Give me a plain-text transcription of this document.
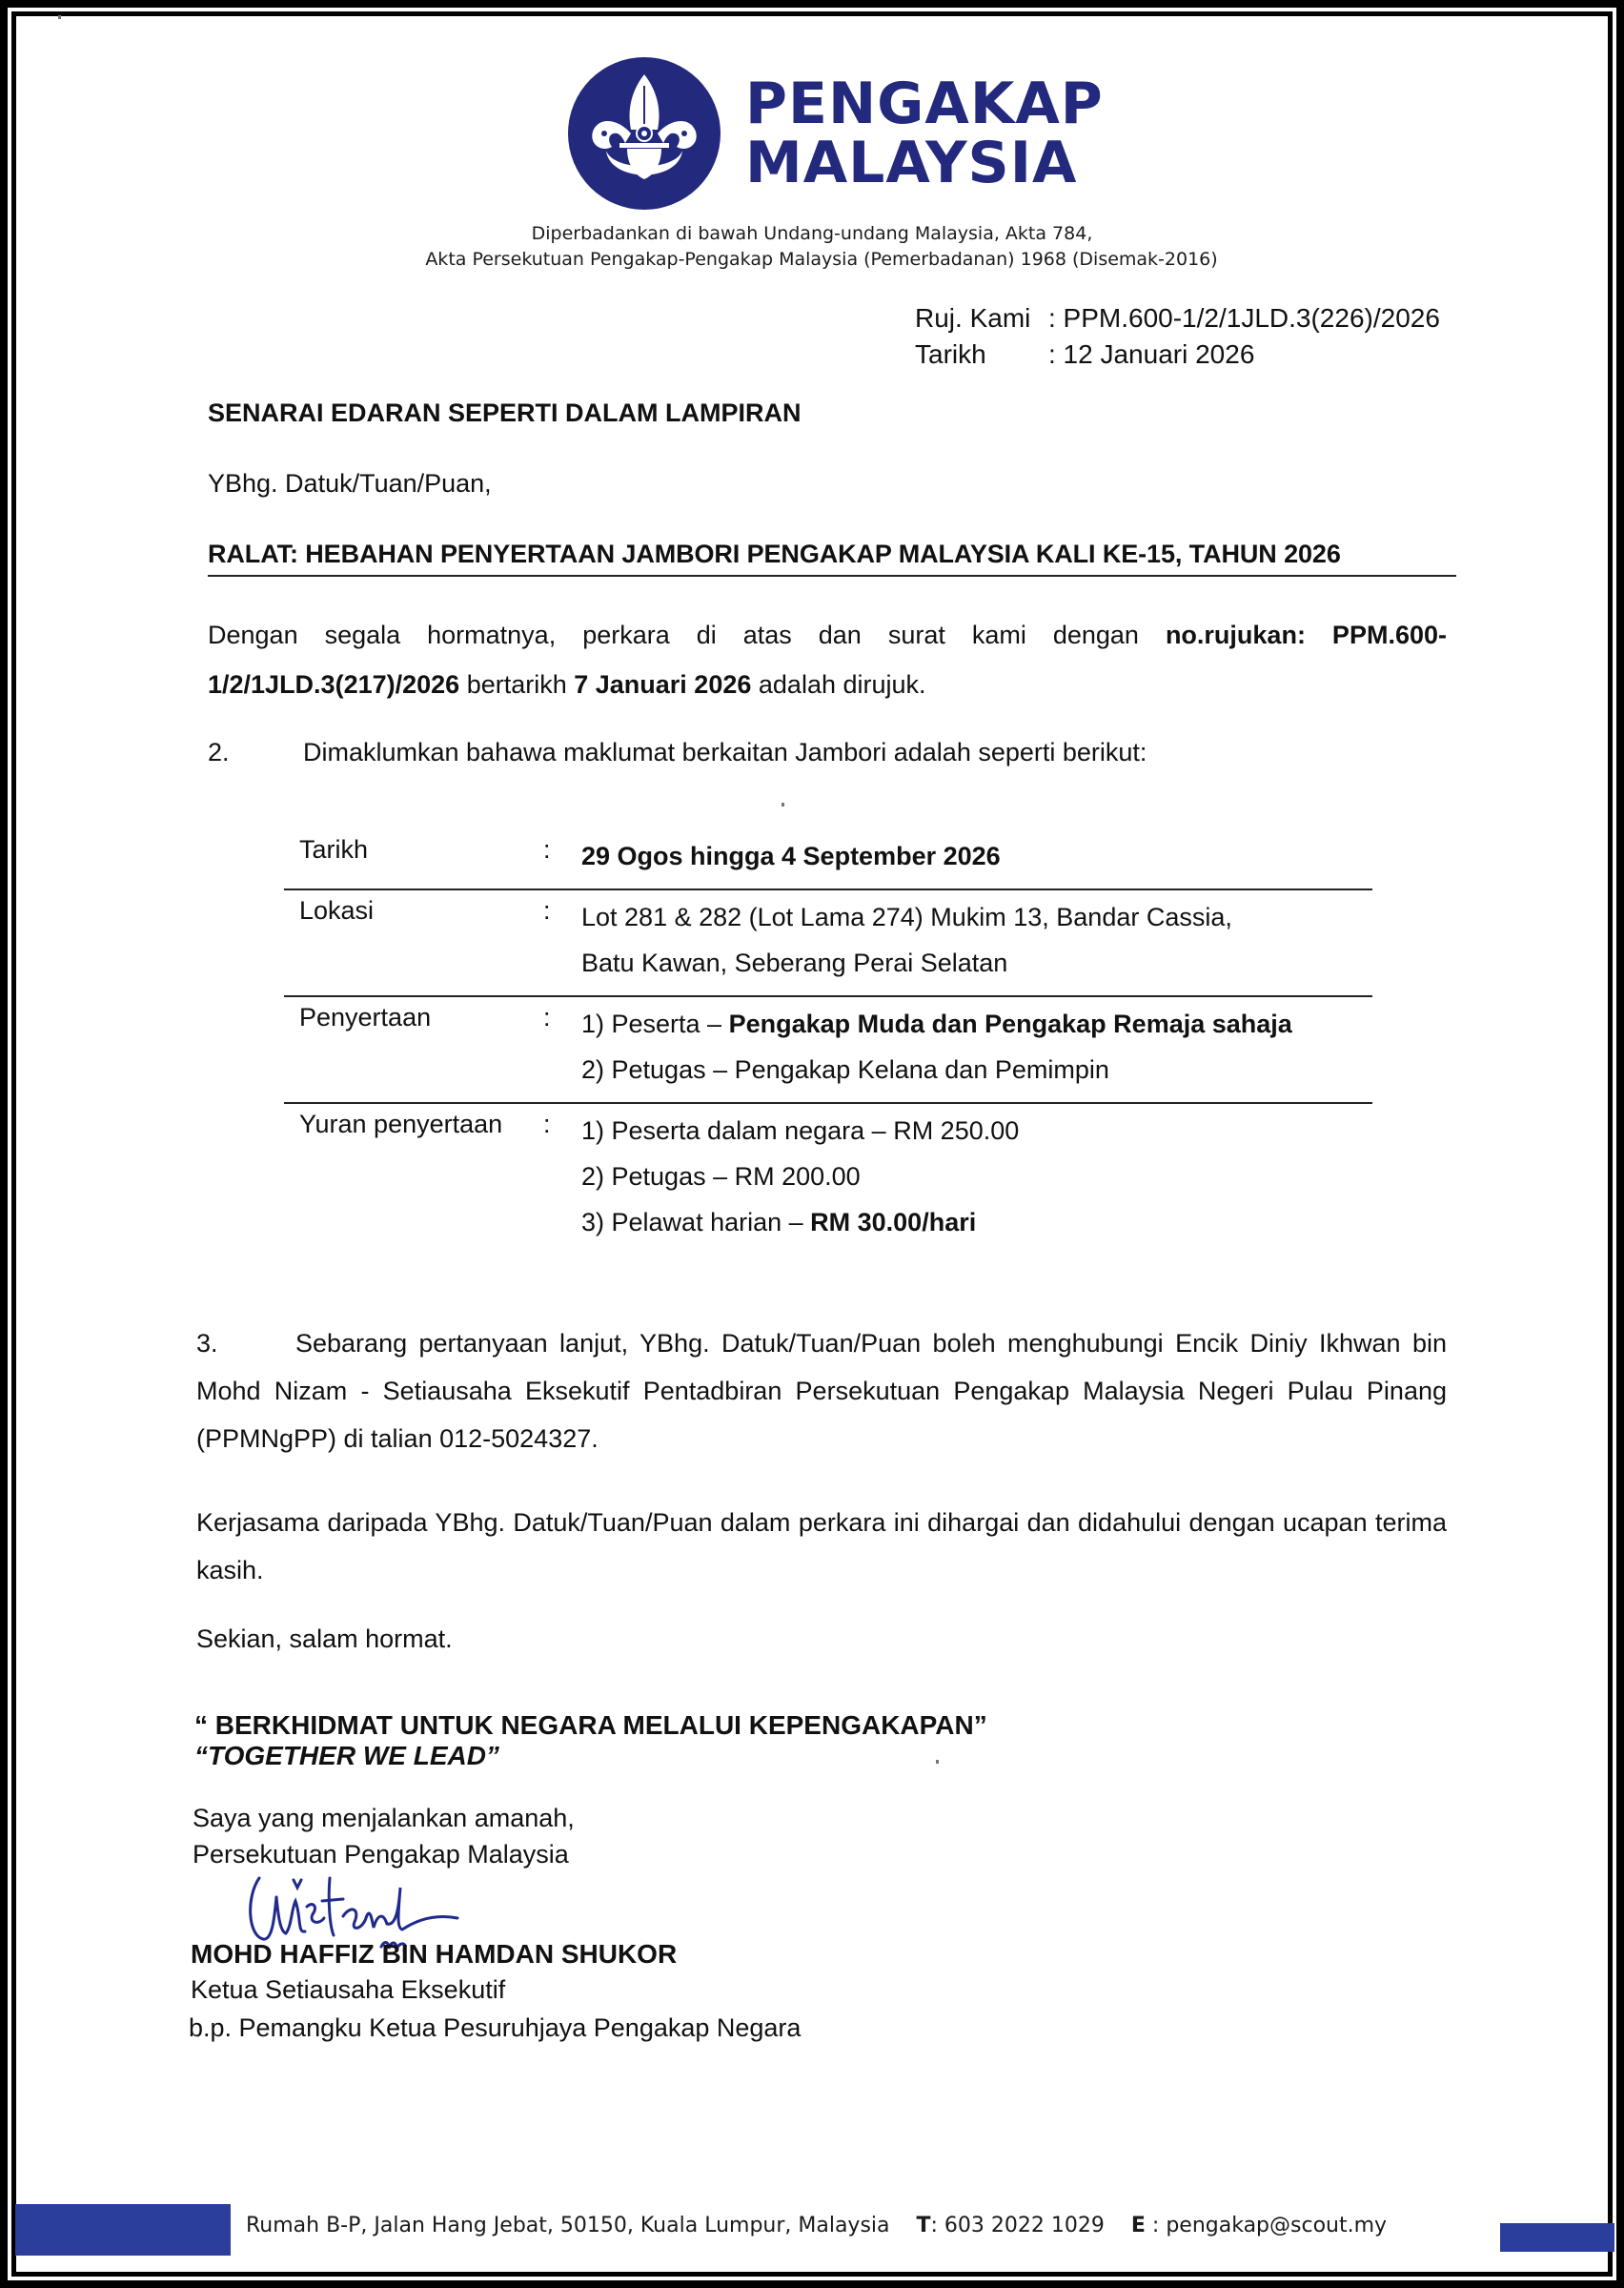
PENGAKAP
MALAYSIA
Diperbadankan di bawah Undang-undang Malaysia, Akta 784,
Akta Persekutuan Pengakap-Pengakap Malaysia (Pemerbadanan) 1968 (Disemak-2016)
Ruj. Kami : PPM.600-1/2/1JLD.3(226)/2026
Tarikh	: 12 Januari 2026
SENARAI EDARAN SEPERTI DALAM LAMPIRAN
YBhg. Datuk/Tuan/Puan,
RALAT: HEBAHAN PENYERTAAN JAMBORI PENGAKAP MALAYSIA KALI KE-15, TAHUN 2026
Dengan segala hormatnya, perkara di atas dan surat kami dengan no.rujukan: PPM.600-1/2/1JLD.3(217)/2026 bertarikh 7 Januari 2026 adalah dirujuk.
2.	Dimaklumkan bahawa maklumat berkaitan Jambori adalah seperti berikut:
Tarikh	:	29 Ogos hingga 4 September 2026
Lokasi	:	Lot 281 & 282 (Lot Lama 274) Mukim 13, Bandar Cassia,
Batu Kawan, Seberang Perai Selatan
Penyertaan	:	1) Peserta – Pengakap Muda dan Pengakap Remaja sahaja
2) Petugas – Pengakap Kelana dan Pemimpin
Yuran penyertaan	:	1) Peserta dalam negara – RM 250.00
2) Petugas – RM 200.00
3) Pelawat harian – RM 30.00/hari
3.	Sebarang pertanyaan lanjut, YBhg. Datuk/Tuan/Puan boleh menghubungi Encik Diniy Ikhwan bin Mohd Nizam - Setiausaha Eksekutif Pentadbiran Persekutuan Pengakap Malaysia Negeri Pulau Pinang (PPMNgPP) di talian 012-5024327.
Kerjasama daripada YBhg. Datuk/Tuan/Puan dalam perkara ini dihargai dan didahului dengan ucapan terima kasih.
Sekian, salam hormat.
“ BERKHIDMAT UNTUK NEGARA MELALUI KEPENGAKAPAN”
“TOGETHER WE LEAD”
Saya yang menjalankan amanah,
Persekutuan Pengakap Malaysia
MOHD HAFFIZ BIN HAMDAN SHUKOR
Ketua Setiausaha Eksekutif
b.p. Pemangku Ketua Pesuruhjaya Pengakap Negara
Rumah B-P, Jalan Hang Jebat, 50150, Kuala Lumpur, Malaysia T: 603 2022 1029 E : pengakap@scout.my
